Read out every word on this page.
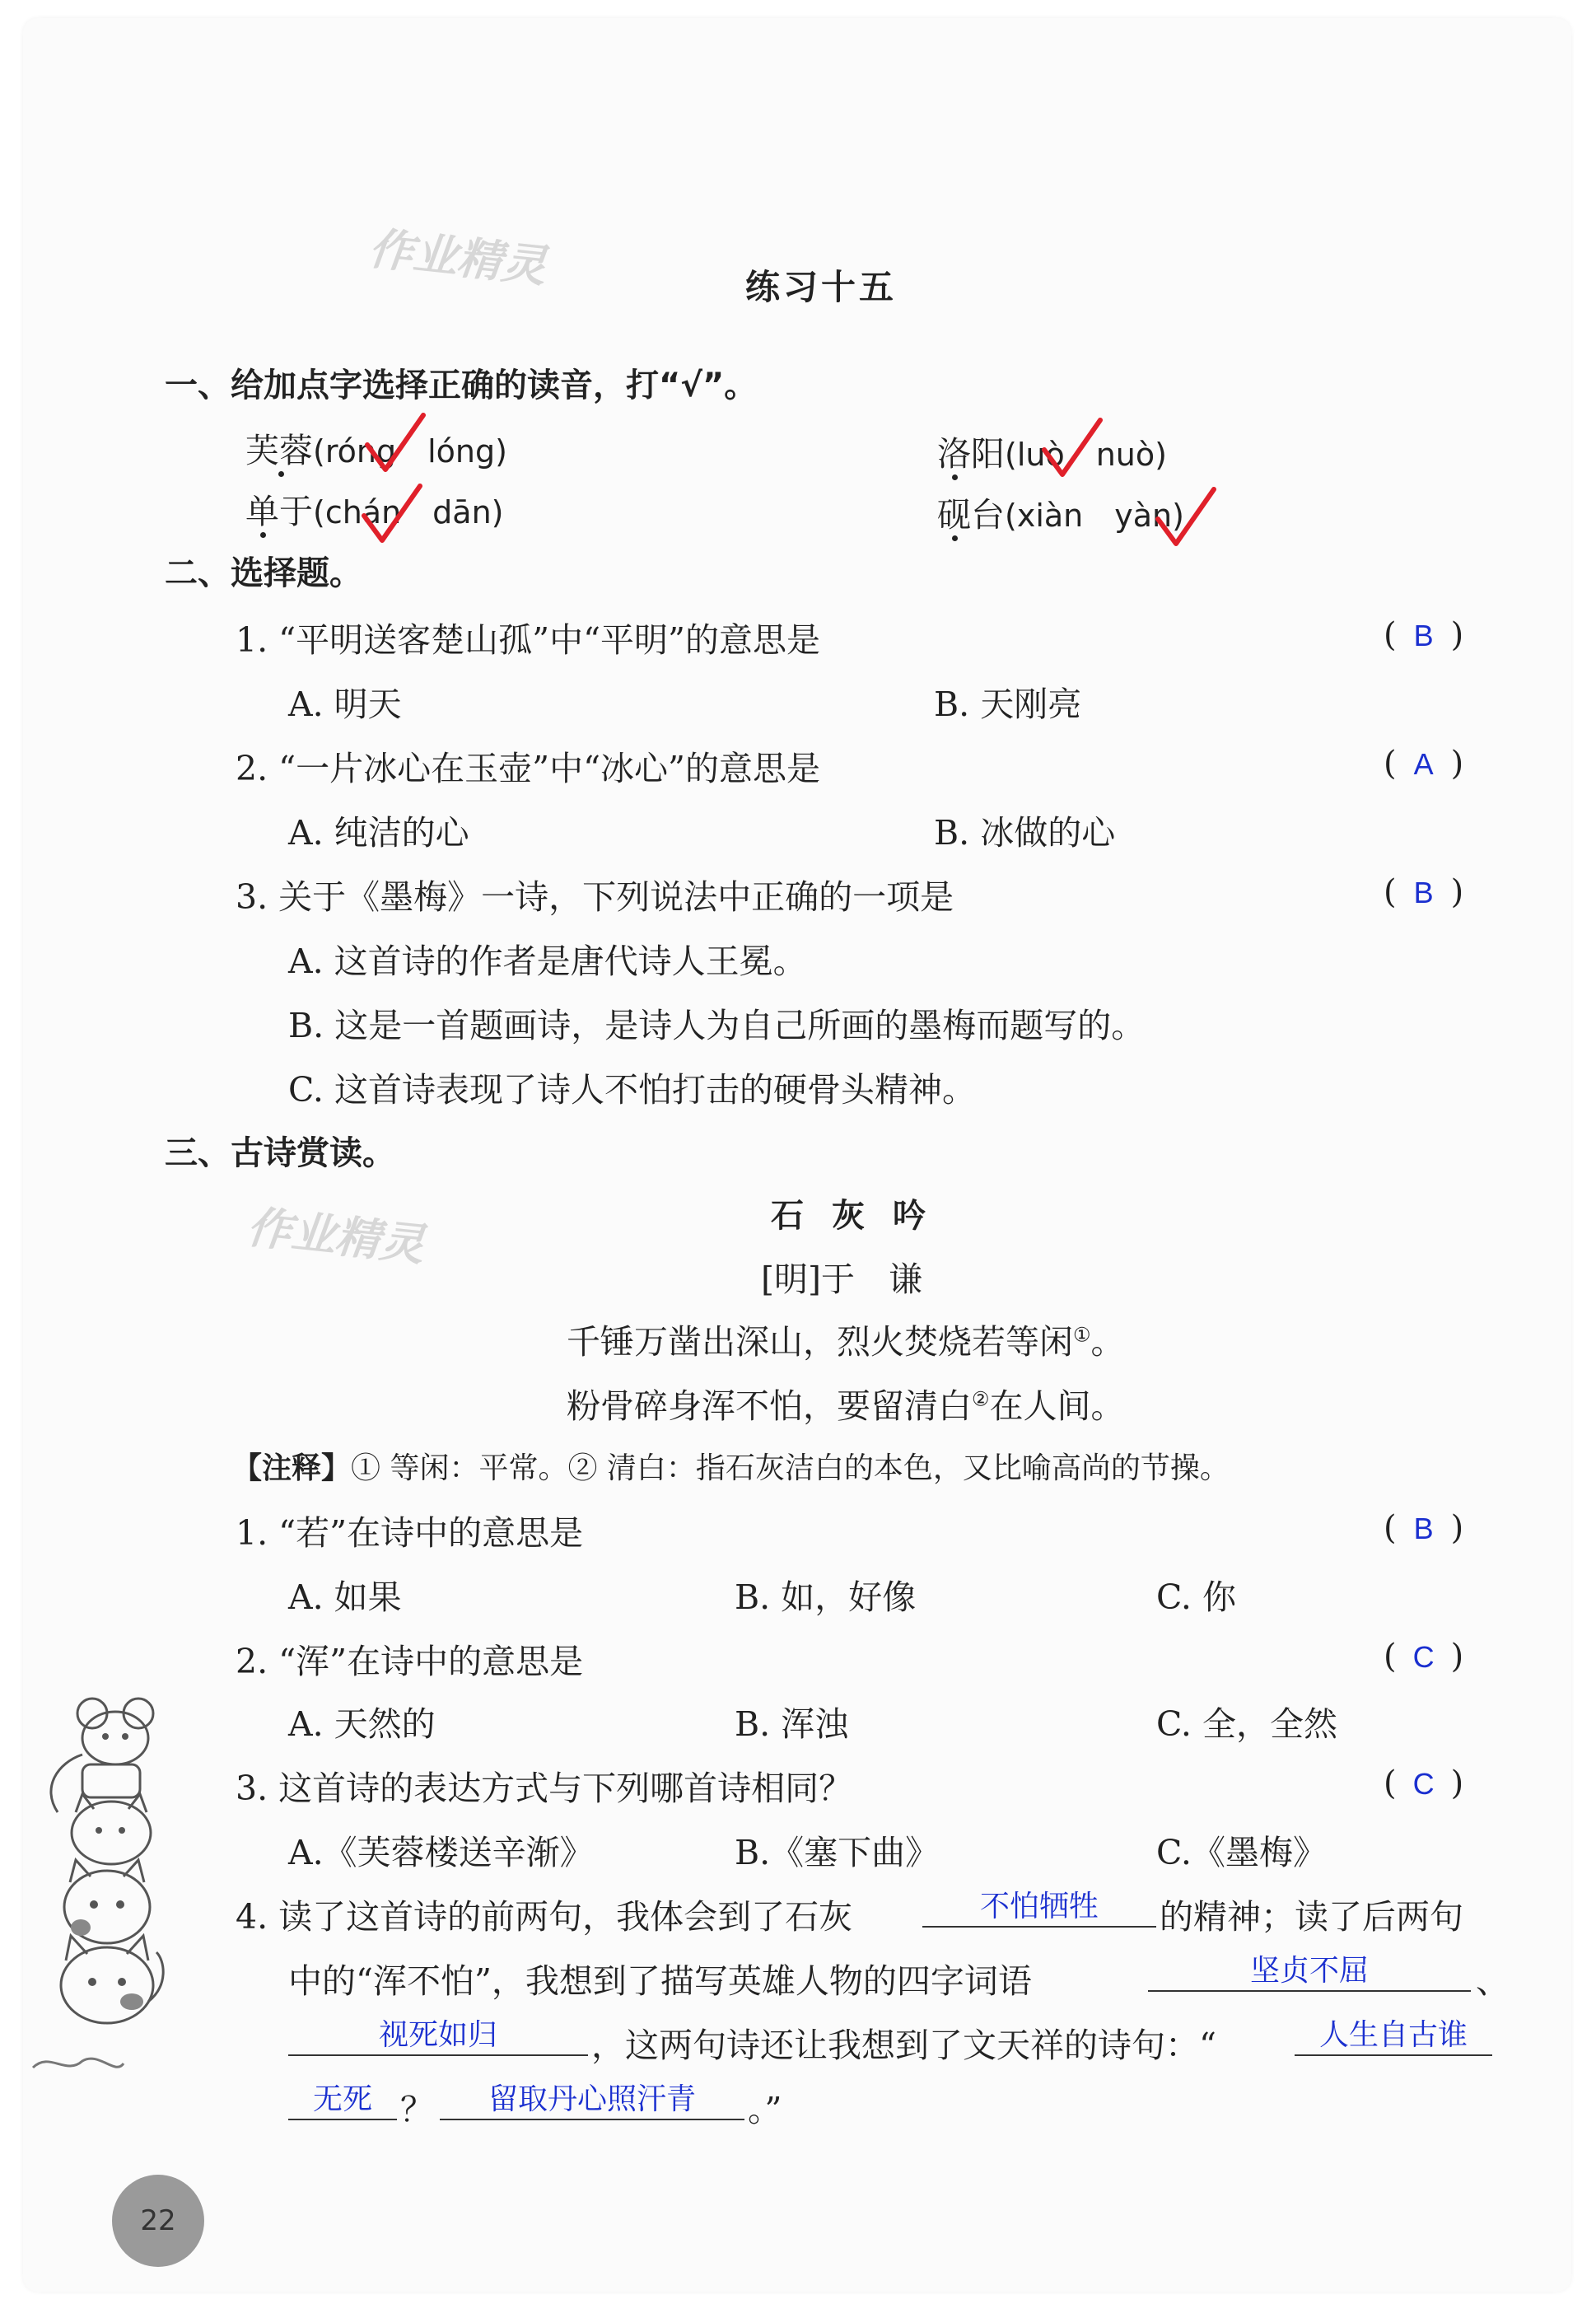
作业精灵
作业精灵
练习十五
一、给加点字选择正确的读音，打“√”。
芙蓉(róng　lóng)	洛阳(luò　nuò)
单于(chán　dān)	砚台(xiàn　yàn)
二、选择题。
1. “平明送客楚山孤”中“平明”的意思是	( B )
A. 明天	B. 天刚亮
2. “一片冰心在玉壶”中“冰心”的意思是	( A )
A. 纯洁的心	B. 冰做的心
3. 关于《墨梅》一诗，下列说法中正确的一项是	( B )
A. 这首诗的作者是唐代诗人王冕。
B. 这是一首题画诗，是诗人为自己所画的墨梅而题写的。
C. 这首诗表现了诗人不怕打击的硬骨头精神。
三、古诗赏读。
石灰吟
[明]于　谦
千锤万凿出深山，烈火焚烧若等闲①。
粉骨碎身浑不怕，要留清白②在人间。
【注释】① 等闲：平常。② 清白：指石灰洁白的本色，又比喻高尚的节操。
1. “若”在诗中的意思是	( B )
A. 如果	B. 如，好像	C. 你
2. “浑”在诗中的意思是	( C )
A. 天然的	B. 浑浊	C. 全，全然
3. 这首诗的表达方式与下列哪首诗相同？	( C )
A.《芙蓉楼送辛渐》	B.《塞下曲》	C.《墨梅》
4. 读了这首诗的前两句，我体会到了石灰	不怕牺牲	的精神；读了后两句
中的“浑不怕”，我想到了描写英雄人物的四字词语	坚贞不屈	、
视死如归	，这两句诗还让我想到了文天祥的诗句：“	人生自古谁
无死 ？	留取丹心照汗青	。”
22
